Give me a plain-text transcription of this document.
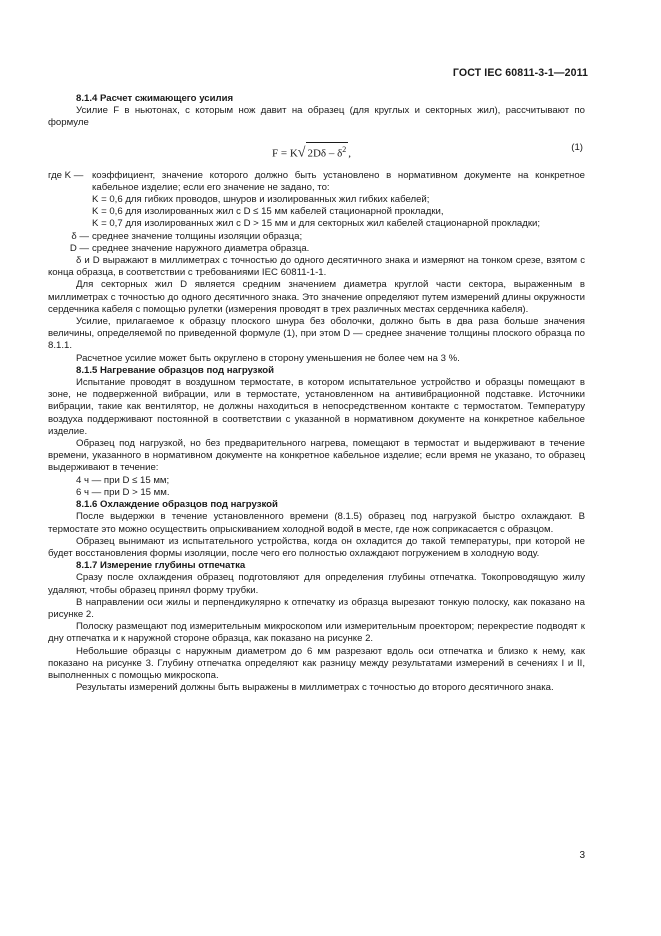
ГОСТ IEC 60811-3-1—2011

8.1.4 Расчет сжимающего усилия

Усилие F в ньютонах, с которым нож давит на образец (для круглых и секторных жил), рассчитывают по формуле

F = K√ $2D\delta - \delta^2$ ,
(1)
где K — коэффициент, значение которого должно быть установлено в нормативном документе на конкретное кабельное изделие; если его значение не задано, то:
K = 0,6 для гибких проводов, шнуров и изолированных жил гибких кабелей;
K = 0,6 для изолированных жил с D ≤ 15 мм кабелей стационарной прокладки,
K = 0,7 для изолированных жил с D > 15 мм и для секторных жил кабелей стационарной прокладки;
δ — среднее значение толщины изоляции образца;
D — среднее значение наружного диаметра образца.

δ и D выражают в миллиметрах с точностью до одного десятичного знака и измеряют на тонком срезе, взятом с конца образца, в соответствии с требованиями IEC 60811-1-1.

Для секторных жил D является средним значением диаметра круглой части сектора, выраженным в миллиметрах с точностью до одного десятичного знака. Это значение определяют путем измерений длины окружности сердечника кабеля с помощью рулетки (измерения проводят в трех различных местах сердечника кабеля).

Усилие, прилагаемое к образцу плоского шнура без оболочки, должно быть в два раза больше значения величины, определяемой по приведенной формуле (1), при этом D — среднее значение толщины плоского образца по 8.1.1.

Расчетное усилие может быть округлено в сторону уменьшения не более чем на 3 %.

8.1.5 Нагревание образцов под нагрузкой

Испытание проводят в воздушном термостате, в котором испытательное устройство и образцы помещают в зоне, не подверженной вибрации, или в термостате, установленном на антивибрационной подставке. Источники вибрации, такие как вентилятор, не должны находиться в непосредственном контакте с термостатом. Температуру воздуха поддерживают постоянной в соответствии с указанной в нормативном документе на конкретное кабельное изделие.

Образец под нагрузкой, но без предварительного нагрева, помещают в термостат и выдерживают в течение времени, указанного в нормативном документе на конкретное кабельное изделие; если время не указано, то образец выдерживают в течение:

4 ч — при D ≤ 15 мм;

6 ч — при D > 15 мм.

8.1.6 Охлаждение образцов под нагрузкой

После выдержки в течение установленного времени (8.1.5) образец под нагрузкой быстро охлаждают. В термостате это можно осуществить опрыскиванием холодной водой в месте, где нож соприкасается с образцом.

Образец вынимают из испытательного устройства, когда он охладится до такой температуры, при которой не будет восстановления формы изоляции, после чего его полностью охлаждают погружением в холодную воду.

8.1.7 Измерение глубины отпечатка

Сразу после охлаждения образец подготовляют для определения глубины отпечатка. Токопроводящую жилу удаляют, чтобы образец принял форму трубки.

В направлении оси жилы и перпендикулярно к отпечатку из образца вырезают тонкую полоску, как показано на рисунке 2.

Полоску размещают под измерительным микроскопом или измерительным проектором; перекрестие подводят к дну отпечатка и к наружной стороне образца, как показано на рисунке 2.

Небольшие образцы с наружным диаметром до 6 мм разрезают вдоль оси отпечатка и близко к нему, как показано на рисунке 3. Глубину отпечатка определяют как разницу между результатами измерений в сечениях I и II, выполненных с помощью микроскопа.

Результаты измерений должны быть выражены в миллиметрах с точностью до второго десятичного знака.

3
